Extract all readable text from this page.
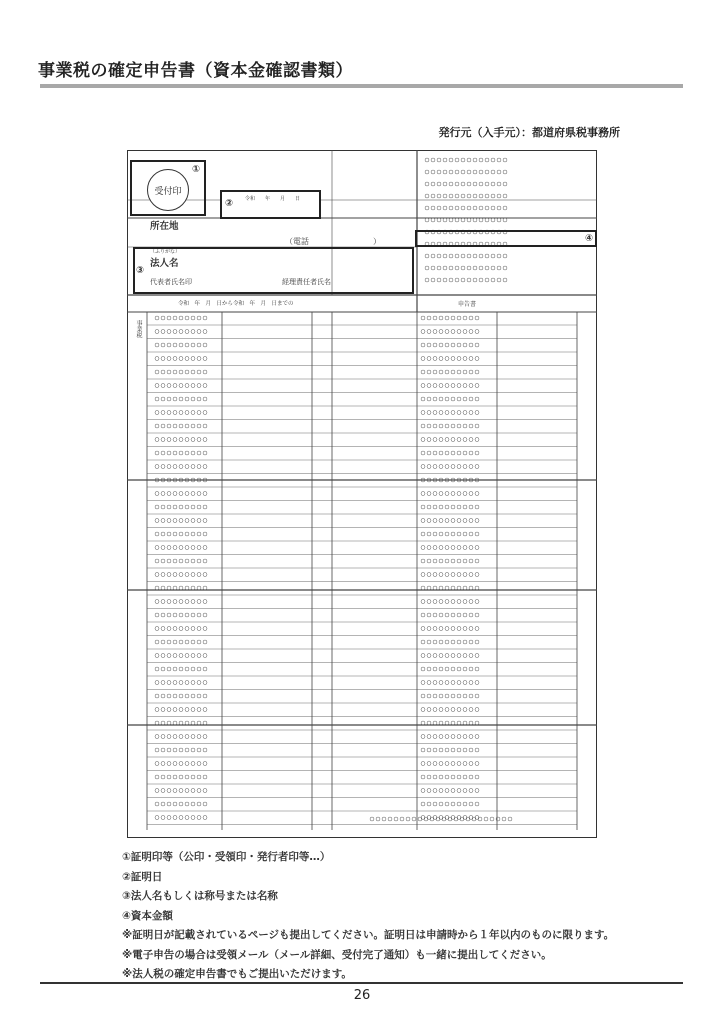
事業税の確定申告書（資本金確認書類）
発行元（入手元）：都道府県税事務所
受付印
①
② 令和　　年　　月　　日
所在地
（電話　　　　　　　　）
③
（ふりがな）
法人名
代表者氏名印	経理責任者氏名
④
令和　年　月　日から令和　年　月　日までの	申告書
事業税
①証明印等（公印・受領印・発行者印等…）
②証明日
③法人名もしくは称号または名称
④資本金額
※証明日が記載されているページも提出してください。証明日は申請時から１年以内のものに限ります。
※電子申告の場合は受領メール（メール詳細、受付完了通知）も一緒に提出してください。
※法人税の確定申告書でもご提出いただけます。
26
